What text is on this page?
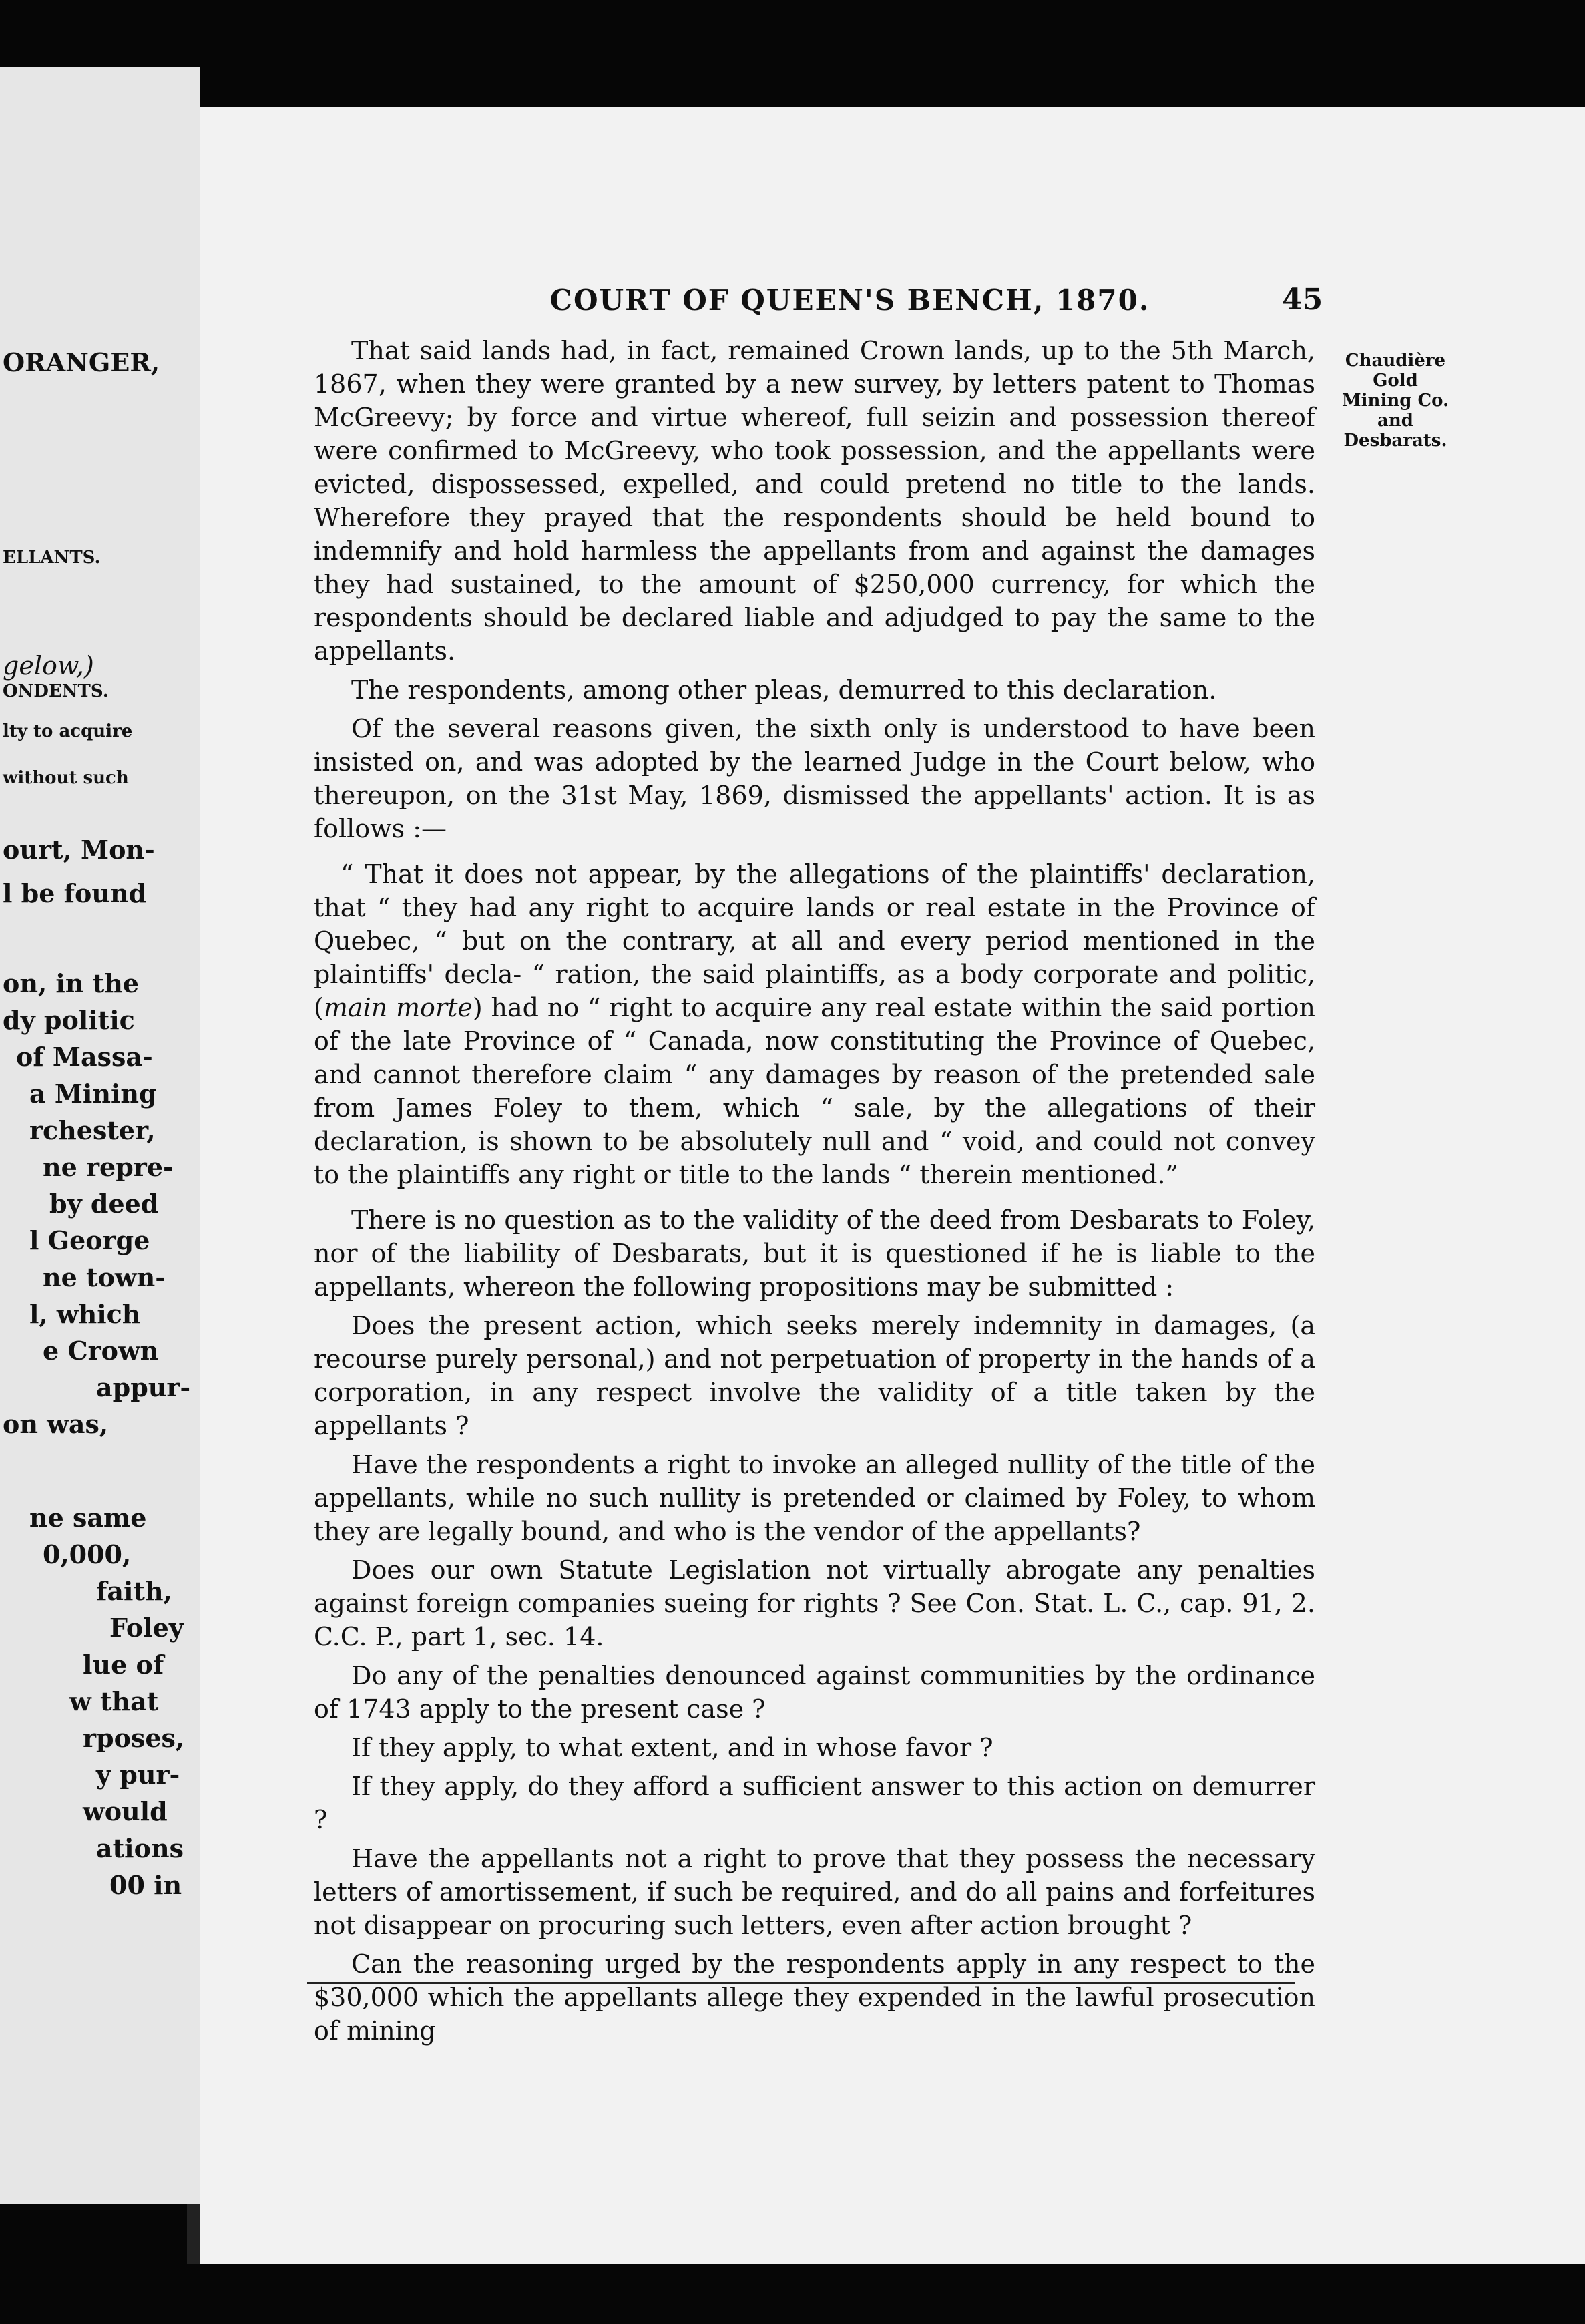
ORANGER,
ELLANTS.
gelow,)
ONDENTS.
lty to acquire
without such
ourt, Mon-
l be found
on, in the
dy politic
of Massa-
a Mining
rchester,
ne repre-
by deed
l George
ne town-
l, which
e Crown
appur-
on was,
ne same
0,000,
faith,
Foley
lue of
w that
rposes,
y pur-
would
ations
00 in
COURT OF QUEEN'S BENCH, 1870.	45
Chaudière Gold
Mining Co.
and
Desbarats.

That said lands had, in fact, remained Crown lands, up to the 5th March, 1867, when they were granted by a new survey, by letters patent to Thomas McGreevy; by force and virtue whereof, full seizin and possession thereof were confirmed to McGreevy, who took possession, and the appellants were evicted, dispossessed, expelled, and could pretend no title to the lands. Wherefore they prayed that the respondents should be held bound to indemnify and hold harmless the appellants from and against the damages they had sustained, to the amount of $250,000 currency, for which the respondents should be declared liable and adjudged to pay the same to the appellants.

The respondents, among other pleas, demurred to this declaration.

Of the several reasons given, the sixth only is understood to have been insisted on, and was adopted by the learned Judge in the Court below, who thereupon, on the 31st May, 1869, dismissed the appellants' action. It is as follows :—

“ That it does not appear, by the allegations of the plaintiffs' declaration, that “ they had any right to acquire lands or real estate in the Province of Quebec, “ but on the contrary, at all and every period mentioned in the plaintiffs' decla- “ ration, the said plaintiffs, as a body corporate and politic, (main morte) had no “ right to acquire any real estate within the said portion of the late Province of “ Canada, now constituting the Province of Quebec, and cannot therefore claim “ any damages by reason of the pretended sale from James Foley to them, which “ sale, by the allegations of their declaration, is shown to be absolutely null and “ void, and could not convey to the plaintiffs any right or title to the lands “ therein mentioned.”

There is no question as to the validity of the deed from Desbarats to Foley, nor of the liability of Desbarats, but it is questioned if he is liable to the appellants, whereon the following propositions may be submitted :

Does the present action, which seeks merely indemnity in damages, (a recourse purely personal,) and not perpetuation of property in the hands of a corporation, in any respect involve the validity of a title taken by the appellants ?

Have the respondents a right to invoke an alleged nullity of the title of the appellants, while no such nullity is pretended or claimed by Foley, to whom they are legally bound, and who is the vendor of the appellants?

Does our own Statute Legislation not virtually abrogate any penalties against foreign companies sueing for rights ? See Con. Stat. L. C., cap. 91, 2. C.C. P., part 1, sec. 14.

Do any of the penalties denounced against communities by the ordinance of 1743 apply to the present case ?

If they apply, to what extent, and in whose favor ?

If they apply, do they afford a sufficient answer to this action on demurrer ?

Have the appellants not a right to prove that they possess the necessary letters of amortissement, if such be required, and do all pains and forfeitures not disappear on procuring such letters, even after action brought ?

Can the reasoning urged by the respondents apply in any respect to the $30,000 which the appellants allege they expended in the lawful prosecution of mining
